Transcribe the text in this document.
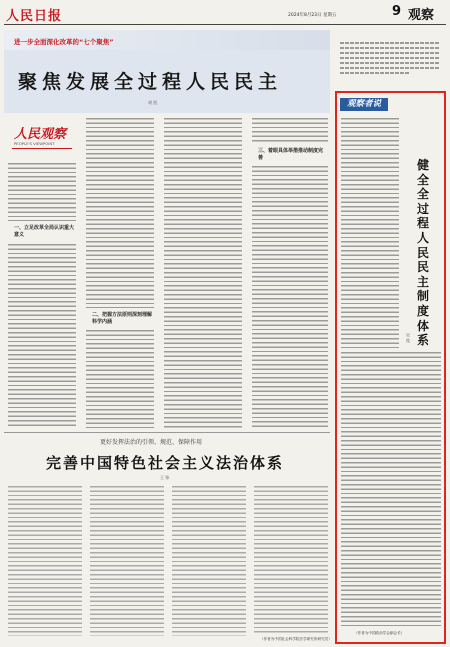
人民日报	2024年8月23日 星期五	9 观察
进一步全面深化改革的“七个聚焦”
聚焦发展全过程人民民主
胡 凯
人民观察
PEOPLE'S VIEWPOINT
一、立足改革全局认识重大意义
二、把握方法原则深刻理解科学内涵
三、着眼具体举措推动制度完善
更好发挥法治的引领、规范、保障作用
完善中国特色社会主义法治体系
王 锋
（作者为中国社会科学院法学研究所研究员）
观察者说
健全全过程人民民主制度体系
吴 俊
（作者为中国政治学会副会长）
